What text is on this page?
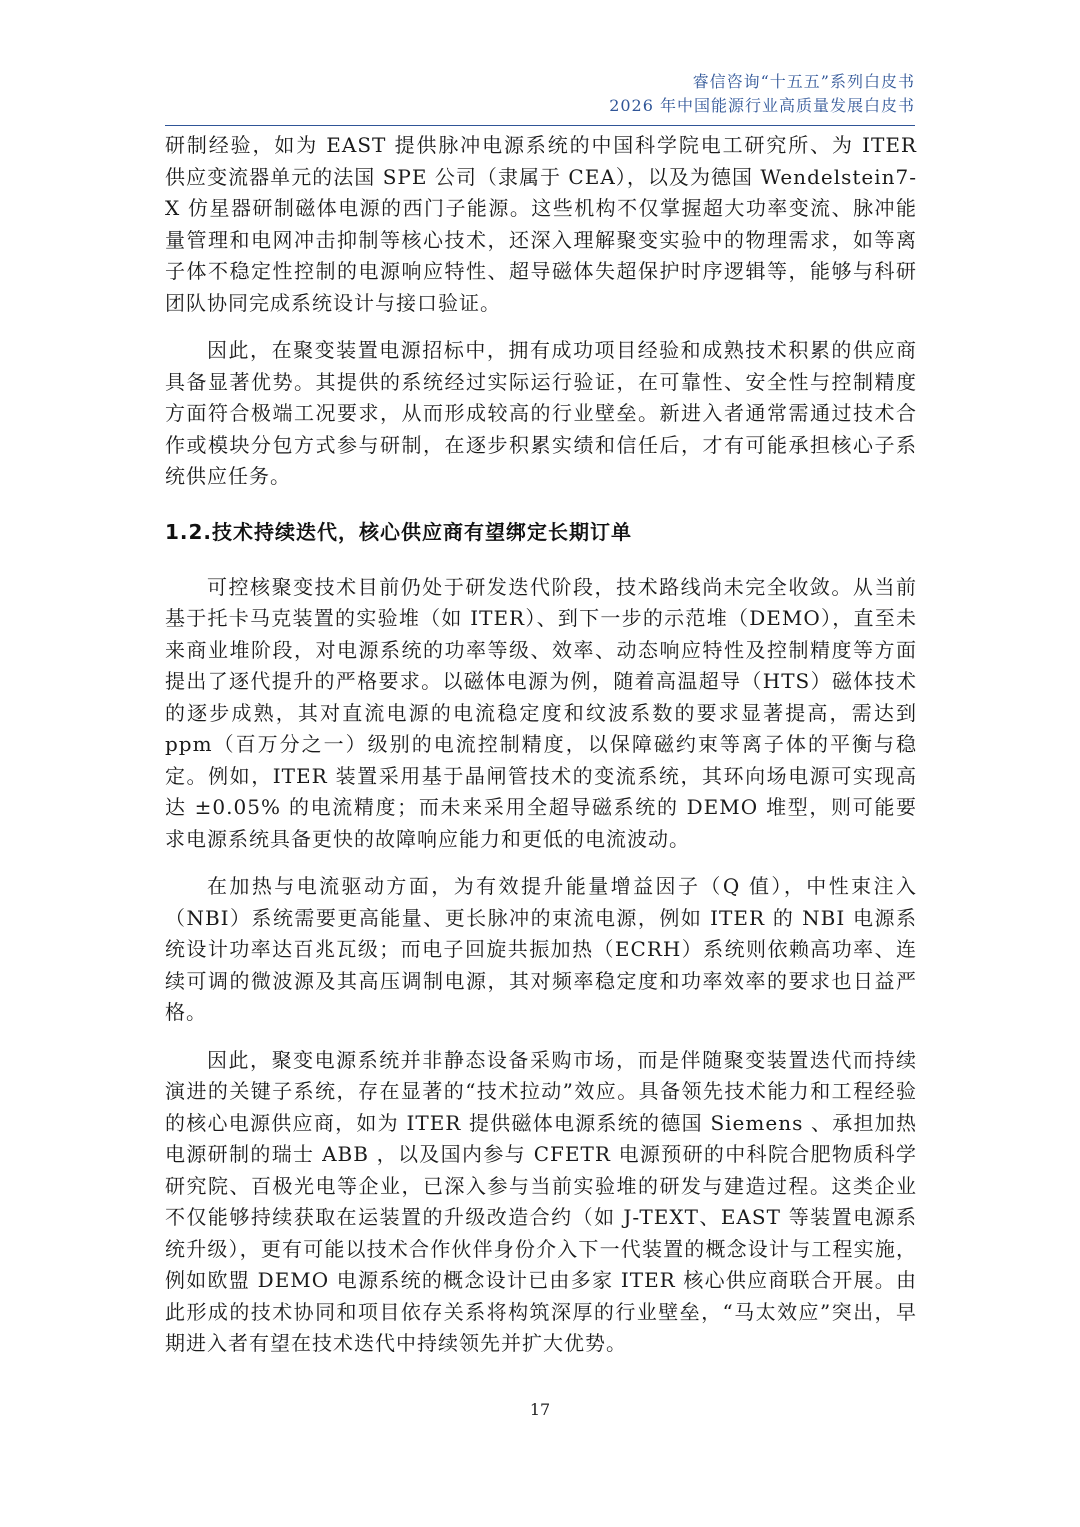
睿信咨询“十五五”系列白皮书
2026 年中国能源行业高质量发展白皮书

研制经验，如为 EAST 提供脉冲电源系统的中国科学院电工研究所、为 ITER 供应变流器单元的法国 SPE 公司（隶属于 CEA），以及为德国 Wendelstein7-X 仿星器研制磁体电源的西门子能源。这些机构不仅掌握超大功率变流、脉冲能量管理和电网冲击抑制等核心技术，还深入理解聚变实验中的物理需求，如等离子体不稳定性控制的电源响应特性、超导磁体失超保护时序逻辑等，能够与科研团队协同完成系统设计与接口验证。

因此，在聚变装置电源招标中，拥有成功项目经验和成熟技术积累的供应商具备显著优势。其提供的系统经过实际运行验证，在可靠性、安全性与控制精度方面符合极端工况要求，从而形成较高的行业壁垒。新进入者通常需通过技术合作或模块分包方式参与研制，在逐步积累实绩和信任后，才有可能承担核心子系统供应任务。

1.2.技术持续迭代，核心供应商有望绑定长期订单

可控核聚变技术目前仍处于研发迭代阶段，技术路线尚未完全收敛。从当前基于托卡马克装置的实验堆（如 ITER）、到下一步的示范堆（DEMO），直至未来商业堆阶段，对电源系统的功率等级、效率、动态响应特性及控制精度等方面提出了逐代提升的严格要求。以磁体电源为例，随着高温超导（HTS）磁体技术的逐步成熟，其对直流电源的电流稳定度和纹波系数的要求显著提高，需达到 ppm（百万分之一）级别的电流控制精度，以保障磁约束等离子体的平衡与稳定。例如，ITER 装置采用基于晶闸管技术的变流系统，其环向场电源可实现高达 ±0.05% 的电流精度；而未来采用全超导磁系统的 DEMO 堆型，则可能要求电源系统具备更快的故障响应能力和更低的电流波动。

在加热与电流驱动方面，为有效提升能量增益因子（Q 值），中性束注入（NBI）系统需要更高能量、更长脉冲的束流电源，例如 ITER 的 NBI 电源系统设计功率达百兆瓦级；而电子回旋共振加热（ECRH）系统则依赖高功率、连续可调的微波源及其高压调制电源，其对频率稳定度和功率效率的要求也日益严格。

因此，聚变电源系统并非静态设备采购市场，而是伴随聚变装置迭代而持续演进的关键子系统，存在显著的“技术拉动”效应。具备领先技术能力和工程经验的核心电源供应商，如为 ITER 提供磁体电源系统的德国 Siemens 、承担加热电源研制的瑞士 ABB ，以及国内参与 CFETR 电源预研的中科院合肥物质科学研究院、百极光电等企业，已深入参与当前实验堆的研发与建造过程。这类企业不仅能够持续获取在运装置的升级改造合约（如 J-TEXT、EAST 等装置电源系统升级），更有可能以技术合作伙伴身份介入下一代装置的概念设计与工程实施，例如欧盟 DEMO 电源系统的概念设计已由多家 ITER 核心供应商联合开展。由此形成的技术协同和项目依存关系将构筑深厚的行业壁垒，“马太效应”突出，早期进入者有望在技术迭代中持续领先并扩大优势。

17
